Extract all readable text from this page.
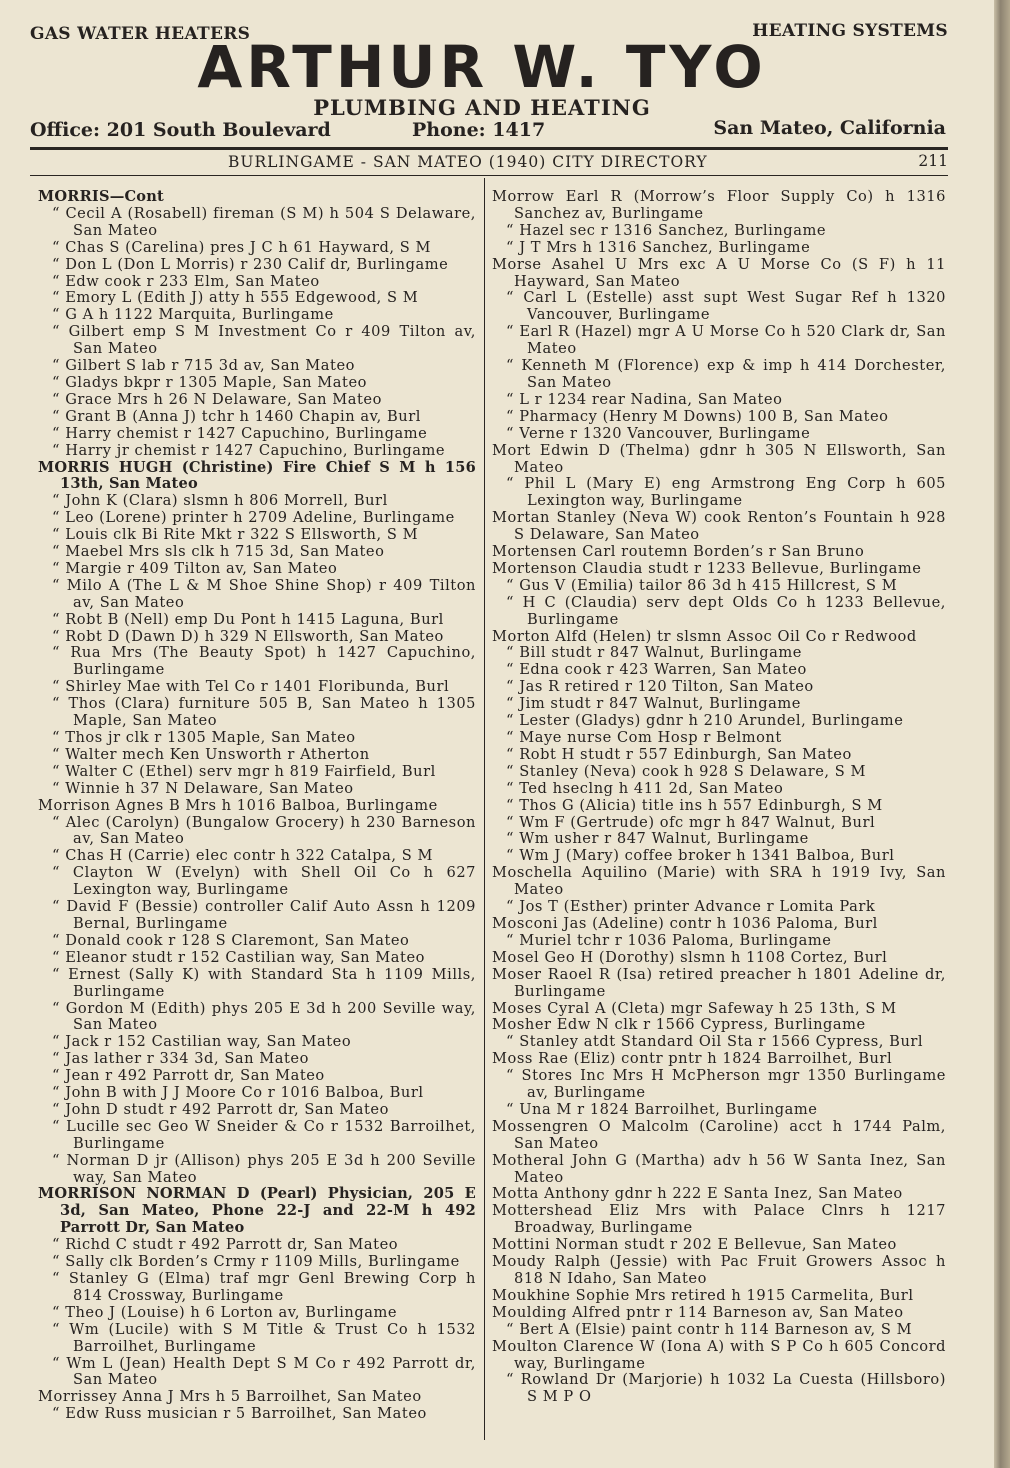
GAS WATER HEATERS	HEATING SYSTEMS
ARTHUR W. TYO
PLUMBING AND HEATING
Office: 201 South Boulevard	Phone: 1417	San Mateo, California
BURLINGAME - SAN MATEO (1940) CITY DIRECTORY	211

MORRIS—Cont

“ Cecil A (Rosabell) fireman (S M) h 504 S Delaware, San Mateo

“ Chas S (Carelina) pres J C h 61 Hayward, S M

“ Don L (Don L Morris) r 230 Calif dr, Burlingame

“ Edw cook r 233 Elm, San Mateo

“ Emory L (Edith J) atty h 555 Edgewood, S M

“ G A h 1122 Marquita, Burlingame

“ Gilbert emp S M Investment Co r 409 Tilton av, San Mateo

“ Gilbert S lab r 715 3d av, San Mateo

“ Gladys bkpr r 1305 Maple, San Mateo

“ Grace Mrs h 26 N Delaware, San Mateo

“ Grant B (Anna J) tchr h 1460 Chapin av, Burl

“ Harry chemist r 1427 Capuchino, Burlingame

“ Harry jr chemist r 1427 Capuchino, Burlingame

MORRIS HUGH (Christine) Fire Chief S M h 156 13th, San Mateo

“ John K (Clara) slsmn h 806 Morrell, Burl

“ Leo (Lorene) printer h 2709 Adeline, Burlingame

“ Louis clk Bi Rite Mkt r 322 S Ellsworth, S M

“ Maebel Mrs sls clk h 715 3d, San Mateo

“ Margie r 409 Tilton av, San Mateo

“ Milo A (The L & M Shoe Shine Shop) r 409 Tilton av, San Mateo

“ Robt B (Nell) emp Du Pont h 1415 Laguna, Burl

“ Robt D (Dawn D) h 329 N Ellsworth, San Mateo

“ Rua Mrs (The Beauty Spot) h 1427 Capuchino, Burlingame

“ Shirley Mae with Tel Co r 1401 Floribunda, Burl

“ Thos (Clara) furniture 505 B, San Mateo h 1305 Maple, San Mateo

“ Thos jr clk r 1305 Maple, San Mateo

“ Walter mech Ken Unsworth r Atherton

“ Walter C (Ethel) serv mgr h 819 Fairfield, Burl

“ Winnie h 37 N Delaware, San Mateo

Morrison Agnes B Mrs h 1016 Balboa, Burlingame

“ Alec (Carolyn) (Bungalow Grocery) h 230 Barneson av, San Mateo

“ Chas H (Carrie) elec contr h 322 Catalpa, S M

“ Clayton W (Evelyn) with Shell Oil Co h 627 Lexington way, Burlingame

“ David F (Bessie) controller Calif Auto Assn h 1209 Bernal, Burlingame

“ Donald cook r 128 S Claremont, San Mateo

“ Eleanor studt r 152 Castilian way, San Mateo

“ Ernest (Sally K) with Standard Sta h 1109 Mills, Burlingame

“ Gordon M (Edith) phys 205 E 3d h 200 Seville way, San Mateo

“ Jack r 152 Castilian way, San Mateo

“ Jas lather r 334 3d, San Mateo

“ Jean r 492 Parrott dr, San Mateo

“ John B with J J Moore Co r 1016 Balboa, Burl

“ John D studt r 492 Parrott dr, San Mateo

“ Lucille sec Geo W Sneider & Co r 1532 Barroilhet, Burlingame

“ Norman D jr (Allison) phys 205 E 3d h 200 Seville way, San Mateo

MORRISON NORMAN D (Pearl) Physician, 205 E 3d, San Mateo, Phone 22-J and 22-M h 492 Parrott Dr, San Mateo

“ Richd C studt r 492 Parrott dr, San Mateo

“ Sally clk Borden’s Crmy r 1109 Mills, Burlingame

“ Stanley G (Elma) traf mgr Genl Brewing Corp h 814 Crossway, Burlingame

“ Theo J (Louise) h 6 Lorton av, Burlingame

“ Wm (Lucile) with S M Title & Trust Co h 1532 Barroilhet, Burlingame

“ Wm L (Jean) Health Dept S M Co r 492 Parrott dr, San Mateo

Morrissey Anna J Mrs h 5 Barroilhet, San Mateo

“ Edw Russ musician r 5 Barroilhet, San Mateo

Morrow Earl R (Morrow’s Floor Supply Co) h 1316 Sanchez av, Burlingame

“ Hazel sec r 1316 Sanchez, Burlingame

“ J T Mrs h 1316 Sanchez, Burlingame

Morse Asahel U Mrs exc A U Morse Co (S F) h 11 Hayward, San Mateo

“ Carl L (Estelle) asst supt West Sugar Ref h 1320 Vancouver, Burlingame

“ Earl R (Hazel) mgr A U Morse Co h 520 Clark dr, San Mateo

“ Kenneth M (Florence) exp & imp h 414 Dorchester, San Mateo

“ L r 1234 rear Nadina, San Mateo

“ Pharmacy (Henry M Downs) 100 B, San Mateo

“ Verne r 1320 Vancouver, Burlingame

Mort Edwin D (Thelma) gdnr h 305 N Ellsworth, San Mateo

“ Phil L (Mary E) eng Armstrong Eng Corp h 605 Lexington way, Burlingame

Mortan Stanley (Neva W) cook Renton’s Fountain h 928 S Delaware, San Mateo

Mortensen Carl routemn Borden’s r San Bruno

Mortenson Claudia studt r 1233 Bellevue, Burlingame

“ Gus V (Emilia) tailor 86 3d h 415 Hillcrest, S M

“ H C (Claudia) serv dept Olds Co h 1233 Bellevue, Burlingame

Morton Alfd (Helen) tr slsmn Assoc Oil Co r Redwood

“ Bill studt r 847 Walnut, Burlingame

“ Edna cook r 423 Warren, San Mateo

“ Jas R retired r 120 Tilton, San Mateo

“ Jim studt r 847 Walnut, Burlingame

“ Lester (Gladys) gdnr h 210 Arundel, Burlingame

“ Maye nurse Com Hosp r Belmont

“ Robt H studt r 557 Edinburgh, San Mateo

“ Stanley (Neva) cook h 928 S Delaware, S M

“ Ted hseclng h 411 2d, San Mateo

“ Thos G (Alicia) title ins h 557 Edinburgh, S M

“ Wm F (Gertrude) ofc mgr h 847 Walnut, Burl

“ Wm usher r 847 Walnut, Burlingame

“ Wm J (Mary) coffee broker h 1341 Balboa, Burl

Moschella Aquilino (Marie) with SRA h 1919 Ivy, San Mateo

“ Jos T (Esther) printer Advance r Lomita Park

Mosconi Jas (Adeline) contr h 1036 Paloma, Burl

“ Muriel tchr r 1036 Paloma, Burlingame

Mosel Geo H (Dorothy) slsmn h 1108 Cortez, Burl

Moser Raoel R (Isa) retired preacher h 1801 Adeline dr, Burlingame

Moses Cyral A (Cleta) mgr Safeway h 25 13th, S M

Mosher Edw N clk r 1566 Cypress, Burlingame

“ Stanley atdt Standard Oil Sta r 1566 Cypress, Burl

Moss Rae (Eliz) contr pntr h 1824 Barroilhet, Burl

“ Stores Inc Mrs H McPherson mgr 1350 Burlingame av, Burlingame

“ Una M r 1824 Barroilhet, Burlingame

Mossengren O Malcolm (Caroline) acct h 1744 Palm, San Mateo

Motheral John G (Martha) adv h 56 W Santa Inez, San Mateo

Motta Anthony gdnr h 222 E Santa Inez, San Mateo

Mottershead Eliz Mrs with Palace Clnrs h 1217 Broadway, Burlingame

Mottini Norman studt r 202 E Bellevue, San Mateo

Moudy Ralph (Jessie) with Pac Fruit Growers Assoc h 818 N Idaho, San Mateo

Moukhine Sophie Mrs retired h 1915 Carmelita, Burl

Moulding Alfred pntr r 114 Barneson av, San Mateo

“ Bert A (Elsie) paint contr h 114 Barneson av, S M

Moulton Clarence W (Iona A) with S P Co h 605 Concord way, Burlingame

“ Rowland Dr (Marjorie) h 1032 La Cuesta (Hillsboro) S M P O
